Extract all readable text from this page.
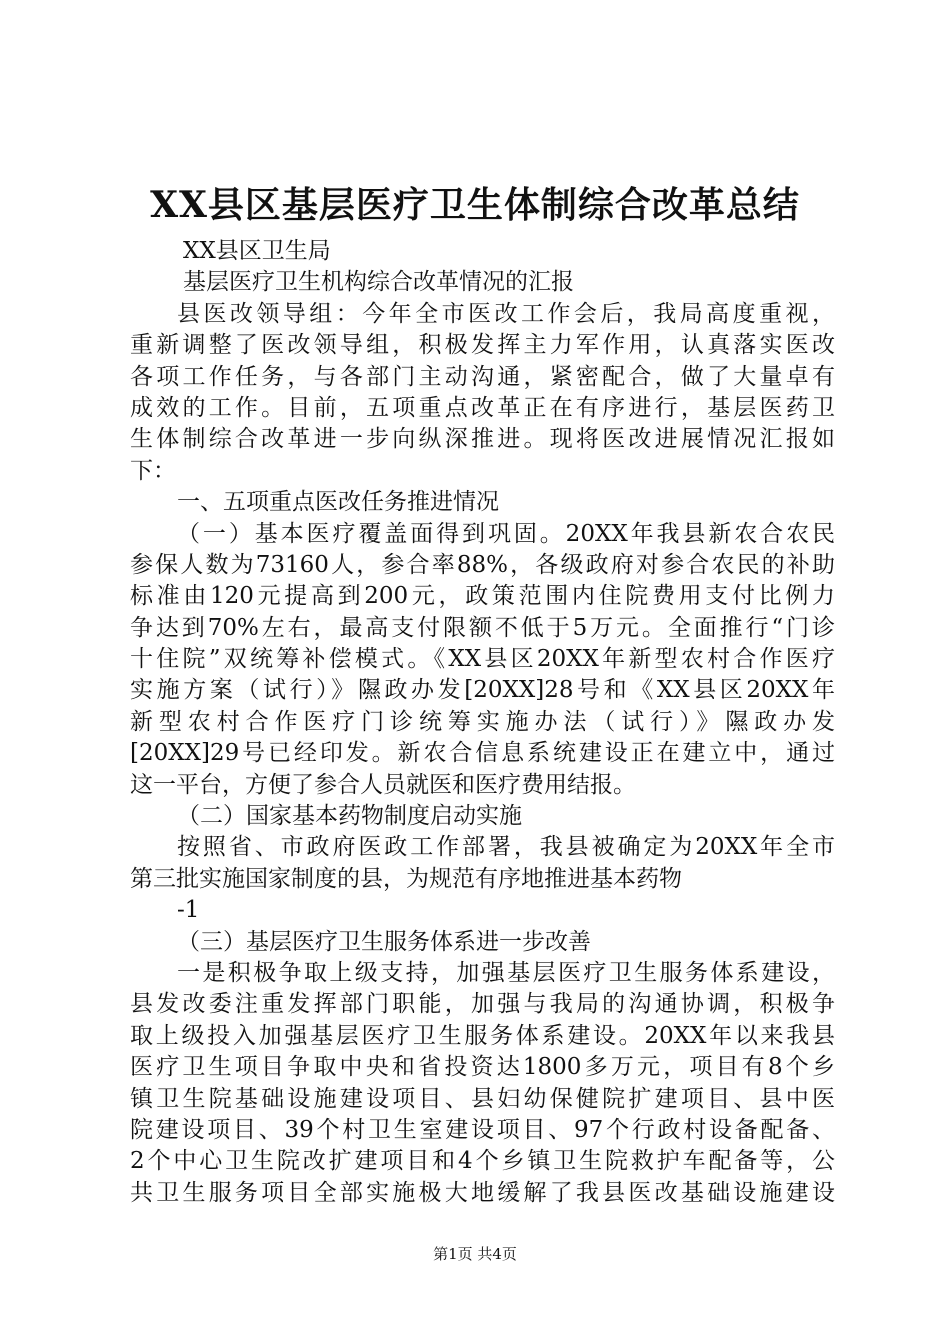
XX县区基层医疗卫生体制综合改革总结
XX县区卫生局
基层医疗卫生机构综合改革情况的汇报
县医改领导组：今年全市医改工作会后，我局高度重视，
重新调整了医改领导组，积极发挥主力军作用，认真落实医改
各项工作任务，与各部门主动沟通，紧密配合，做了大量卓有
成效的工作。目前，五项重点改革正在有序进行，基层医药卫
生体制综合改革进一步向纵深推进。现将医改进展情况汇报如
下：
一、五项重点医改任务推进情况
（一）基本医疗覆盖面得到巩固。20XX年我县新农合农民
参保人数为73160人，参合率88%，各级政府对参合农民的补助
标准由120元提高到200元，政策范围内住院费用支付比例力
争达到70%左右，最高支付限额不低于5万元。全面推行“门诊
十住院”双统筹补偿模式。《XX县区20XX年新型农村合作医疗
实施方案（试行）》隰政办发[20XX]28号和《XX县区20XX年
新型农村合作医疗门诊统筹实施办法（试行）》隰政办发
[20XX]29号已经印发。新农合信息系统建设正在建立中，通过
这一平台，方便了参合人员就医和医疗费用结报。
（二）国家基本药物制度启动实施
按照省、市政府医政工作部署，我县被确定为20XX年全市
第三批实施国家制度的县，为规范有序地推进基本药物
-1
（三）基层医疗卫生服务体系进一步改善
一是积极争取上级支持，加强基层医疗卫生服务体系建设，
县发改委注重发挥部门职能，加强与我局的沟通协调，积极争
取上级投入加强基层医疗卫生服务体系建设。20XX年以来我县
医疗卫生项目争取中央和省投资达1800多万元，项目有8个乡
镇卫生院基础设施建设项目、县妇幼保健院扩建项目、县中医
院建设项目、39个村卫生室建设项目、97个行政村设备配备、
2个中心卫生院改扩建项目和4个乡镇卫生院救护车配备等，公
共卫生服务项目全部实施极大地缓解了我县医改基础设施建设
第1页 共4页
